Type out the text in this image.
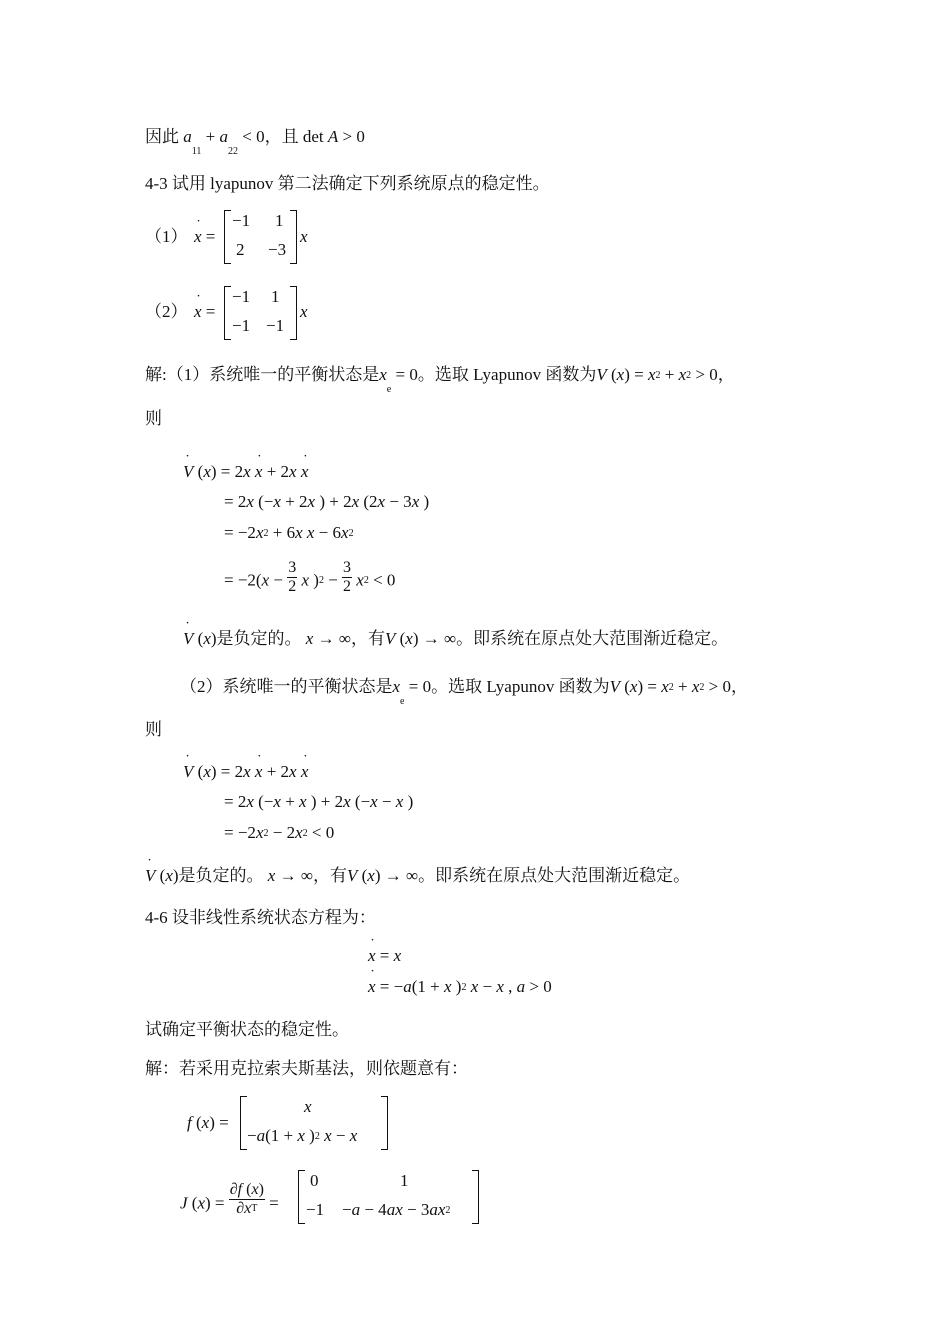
因此 $a_{11} + a_{22} < 0$，且 det A > 0
4-3 试用 lyapunov 第二法确定下列系统原点的稳定性。
（1） ˙ x =
−1 1
2 −3
x
（2） ˙ x =
−1 1
−1 −1
x
解:（1）系统唯一的平衡状态是$x_e = 0$。选取 Lyapunov 函数为V (x) = x2 + x2 > 0，
则
˙ V (x) = 2x ˙ x + 2x ˙ x
= 2x (−x + 2x ) + 2x (2x − 3x )
= −2x2 + 6x x − 6x2
= $-2(x - \frac{3}{2}$ x )$2 - \frac{3}{2} x2 < 0$
˙ V (x)是负定的。 x → ∞，有V (x) → ∞。即系统在原点处大范围渐近稳定。
（2）系统唯一的平衡状态是$x_e = 0$。选取 Lyapunov 函数为V (x) = x2 + x2 > 0，
则
˙ V (x) = 2x ˙ x + 2x ˙ x
= 2x (−x + x ) + 2x (−x − x )
= −2x2 − 2x2 < 0
˙ V (x)是负定的。 x → ∞，有V (x) → ∞。即系统在原点处大范围渐近稳定。
4-6 设非线性系统状态方程为：
˙ x = x
˙ x = −a(1 + x )2 x − x , a > 0
试确定平衡状态的稳定性。
解：若采用克拉索夫斯基法，则依题意有：
f (x) =
x
−a(1 + x )2 x − x
J $(x) = \frac{\partial f (x)}{\partial xT}$ =
0	1
−1 −a − 4ax − 3ax2
